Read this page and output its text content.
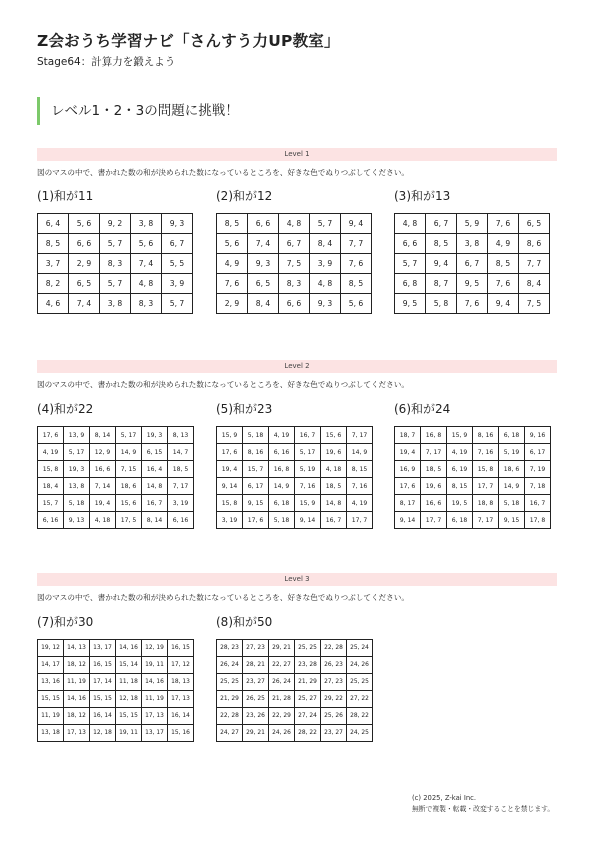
Z会おうち学習ナビ「さんすう力UP教室」
Stage64：計算力を鍛えよう
レベル1・2・3の問題に挑戦！
Level 1
図のマスの中で、書かれた数の和が決められた数になっているところを、好きな色でぬりつぶしてください。
(1)和が11	(2)和が12	(3)和が13
6, 4	5, 6	9, 2	3, 8	9, 3
8, 5	6, 6	5, 7	5, 6	6, 7
3, 7	2, 9	8, 3	7, 4	5, 5
8, 2	6, 5	5, 7	4, 8	3, 9
4, 6	7, 4	3, 8	8, 3	5, 7
8, 5	6, 6	4, 8	5, 7	9, 4
5, 6	7, 4	6, 7	8, 4	7, 7
4, 9	9, 3	7, 5	3, 9	7, 6
7, 6	6, 5	8, 3	4, 8	8, 5
2, 9	8, 4	6, 6	9, 3	5, 6
4, 8	6, 7	5, 9	7, 6	6, 5
6, 6	8, 5	3, 8	4, 9	8, 6
5, 7	9, 4	6, 7	8, 5	7, 7
6, 8	8, 7	9, 5	7, 6	8, 4
9, 5	5, 8	7, 6	9, 4	7, 5
Level 2
図のマスの中で、書かれた数の和が決められた数になっているところを、好きな色でぬりつぶしてください。
(4)和が22	(5)和が23	(6)和が24
17, 6	13, 9	8, 14	5, 17	19, 3	8, 13
4, 19	5, 17	12, 9	14, 9	6, 15	14, 7
15, 8	19, 3	16, 6	7, 15	16, 4	18, 5
18, 4	13, 8	7, 14	18, 6	14, 8	7, 17
15, 7	5, 18	19, 4	15, 6	16, 7	3, 19
6, 16	9, 13	4, 18	17, 5	8, 14	6, 16
15, 9	5, 18	4, 19	16, 7	15, 6	7, 17
17, 6	8, 16	6, 16	5, 17	19, 6	14, 9
19, 4	15, 7	16, 8	5, 19	4, 18	8, 15
9, 14	6, 17	14, 9	7, 16	18, 5	7, 16
15, 8	9, 15	6, 18	15, 9	14, 8	4, 19
3, 19	17, 6	5, 18	9, 14	16, 7	17, 7
18, 7	16, 8	15, 9	8, 16	6, 18	9, 16
19, 4	7, 17	4, 19	7, 16	5, 19	6, 17
16, 9	18, 5	6, 19	15, 8	18, 6	7, 19
17, 6	19, 6	8, 15	17, 7	14, 9	7, 18
8, 17	16, 6	19, 5	18, 8	5, 18	16, 7
9, 14	17, 7	6, 18	7, 17	9, 15	17, 8
Level 3
図のマスの中で、書かれた数の和が決められた数になっているところを、好きな色でぬりつぶしてください。
(7)和が30	(8)和が50
19, 12	14, 13	13, 17	14, 16	12, 19	16, 15
14, 17	18, 12	16, 15	15, 14	19, 11	17, 12
13, 16	11, 19	17, 14	11, 18	14, 16	18, 13
15, 15	14, 16	15, 15	12, 18	11, 19	17, 13
11, 19	18, 12	16, 14	15, 15	17, 13	16, 14
13, 18	17, 13	12, 18	19, 11	13, 17	15, 16
28, 23	27, 23	29, 21	25, 25	22, 28	25, 24
26, 24	28, 21	22, 27	23, 28	26, 23	24, 26
25, 25	23, 27	26, 24	21, 29	27, 23	25, 25
21, 29	26, 25	21, 28	25, 27	29, 22	27, 22
22, 28	23, 26	22, 29	27, 24	25, 26	28, 22
24, 27	29, 21	24, 26	28, 22	23, 27	24, 25
(c) 2025, Z-kai Inc.
無断で複製・転載・改変することを禁じます。
